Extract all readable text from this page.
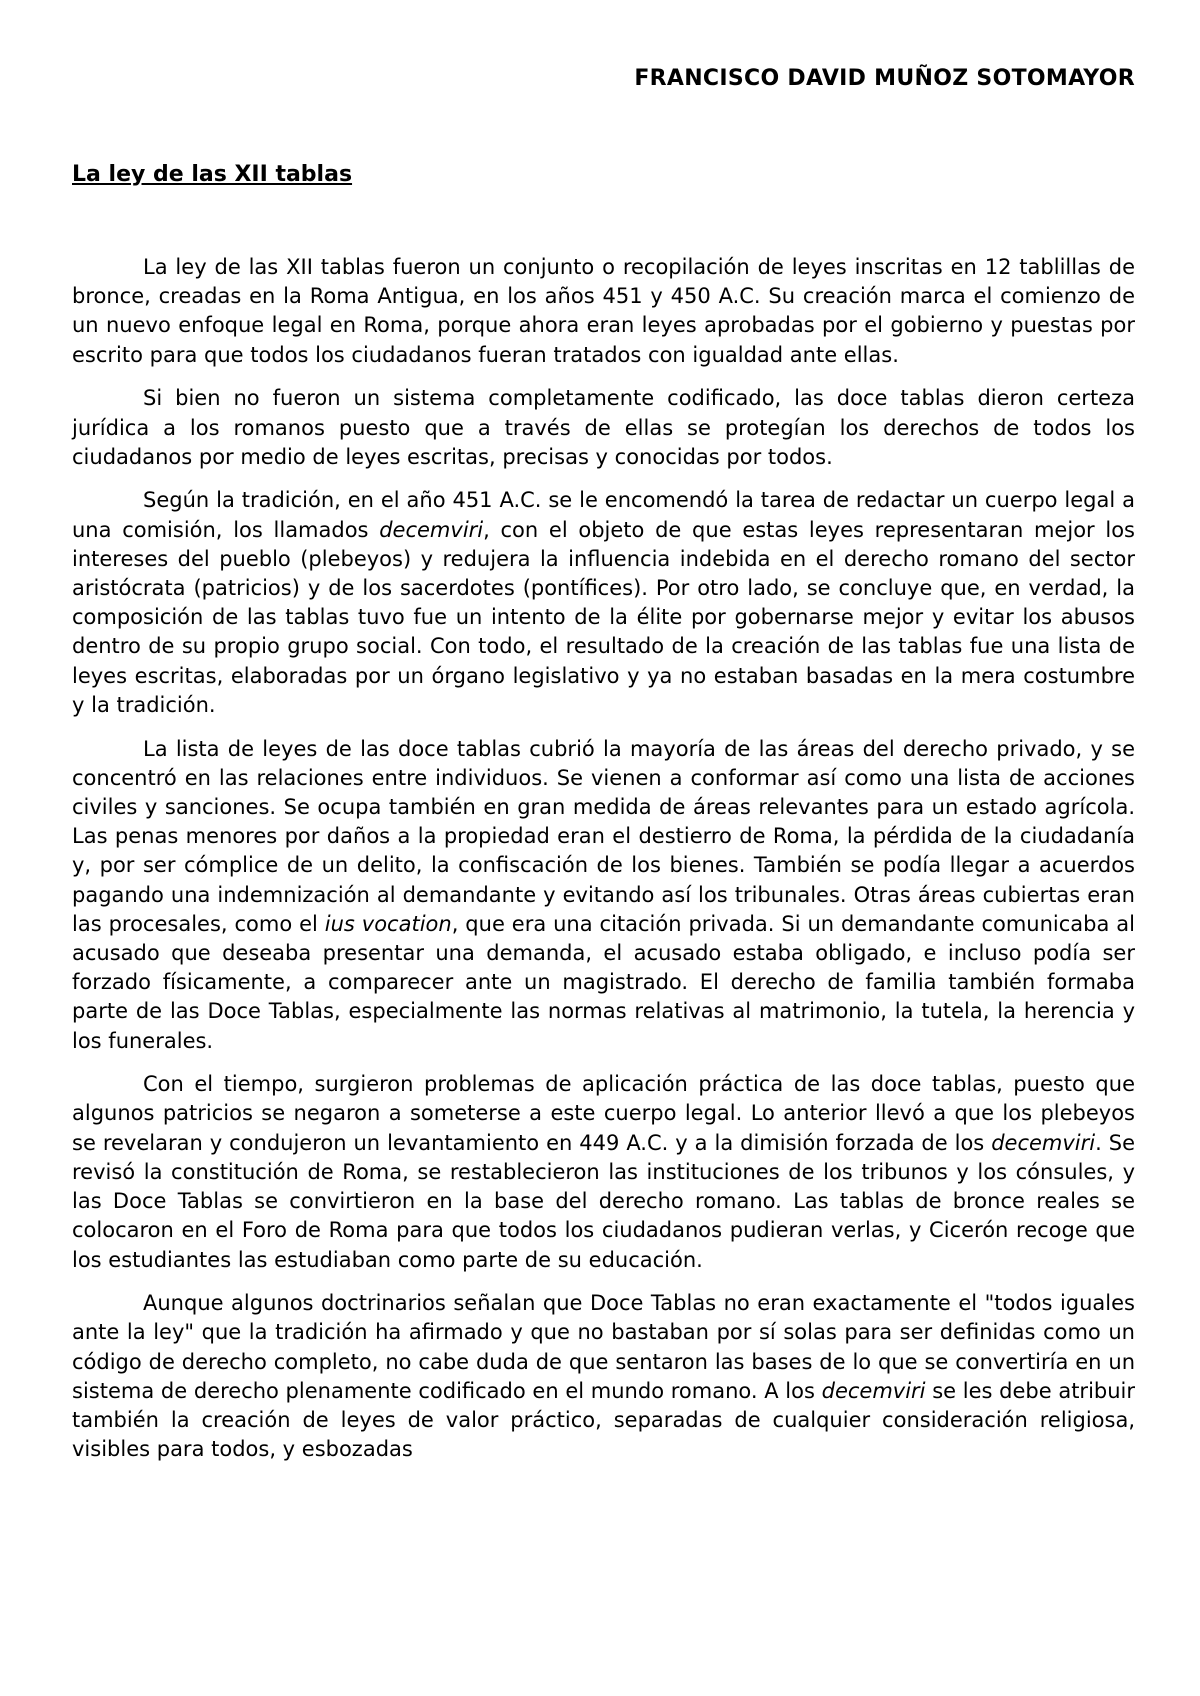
FRANCISCO DAVID MUÑOZ SOTOMAYOR
La ley de las XII tablas

La ley de las XII tablas fueron un conjunto o recopilación de leyes inscritas en 12 tablillas de bronce, creadas en la Roma Antigua, en los años 451 y 450 A.C. Su creación marca el comienzo de un nuevo enfoque legal en Roma, porque ahora eran leyes aprobadas por el gobierno y puestas por escrito para que todos los ciudadanos fueran tratados con igualdad ante ellas.

Si bien no fueron un sistema completamente codificado, las doce tablas dieron certeza jurídica a los romanos puesto que a través de ellas se protegían los derechos de todos los ciudadanos por medio de leyes escritas, precisas y conocidas por todos.

Según la tradición, en el año 451 A.C. se le encomendó la tarea de redactar un cuerpo legal a una comisión, los llamados decemviri, con el objeto de que estas leyes representaran mejor los intereses del pueblo (plebeyos) y redujera la influencia indebida en el derecho romano del sector aristócrata (patricios) y de los sacerdotes (pontífices). Por otro lado, se concluye que, en verdad, la composición de las tablas tuvo fue un intento de la élite por gobernarse mejor y evitar los abusos dentro de su propio grupo social. Con todo, el resultado de la creación de las tablas fue una lista de leyes escritas, elaboradas por un órgano legislativo y ya no estaban basadas en la mera costumbre y la tradición.

La lista de leyes de las doce tablas cubrió la mayoría de las áreas del derecho privado, y se concentró en las relaciones entre individuos. Se vienen a conformar así como una lista de acciones civiles y sanciones. Se ocupa también en gran medida de áreas relevantes para un estado agrícola. Las penas menores por daños a la propiedad eran el destierro de Roma, la pérdida de la ciudadanía y, por ser cómplice de un delito, la confiscación de los bienes. También se podía llegar a acuerdos pagando una indemnización al demandante y evitando así los tribunales. Otras áreas cubiertas eran las procesales, como el ius vocation, que era una citación privada. Si un demandante comunicaba al acusado que deseaba presentar una demanda, el acusado estaba obligado, e incluso podía ser forzado físicamente, a comparecer ante un magistrado. El derecho de familia también formaba parte de las Doce Tablas, especialmente las normas relativas al matrimonio, la tutela, la herencia y los funerales.

Con el tiempo, surgieron problemas de aplicación práctica de las doce tablas, puesto que algunos patricios se negaron a someterse a este cuerpo legal. Lo anterior llevó a que los plebeyos se revelaran y condujeron un levantamiento en 449 A.C. y a la dimisión forzada de los decemviri. Se revisó la constitución de Roma, se restablecieron las instituciones de los tribunos y los cónsules, y las Doce Tablas se convirtieron en la base del derecho romano. Las tablas de bronce reales se colocaron en el Foro de Roma para que todos los ciudadanos pudieran verlas, y Cicerón recoge que los estudiantes las estudiaban como parte de su educación.

Aunque algunos doctrinarios señalan que Doce Tablas no eran exactamente el "todos iguales ante la ley" que la tradición ha afirmado y que no bastaban por sí solas para ser definidas como un código de derecho completo, no cabe duda de que sentaron las bases de lo que se convertiría en un sistema de derecho plenamente codificado en el mundo romano. A los decemviri se les debe atribuir también la creación de leyes de valor práctico, separadas de cualquier consideración religiosa, visibles para todos, y esbozadas
